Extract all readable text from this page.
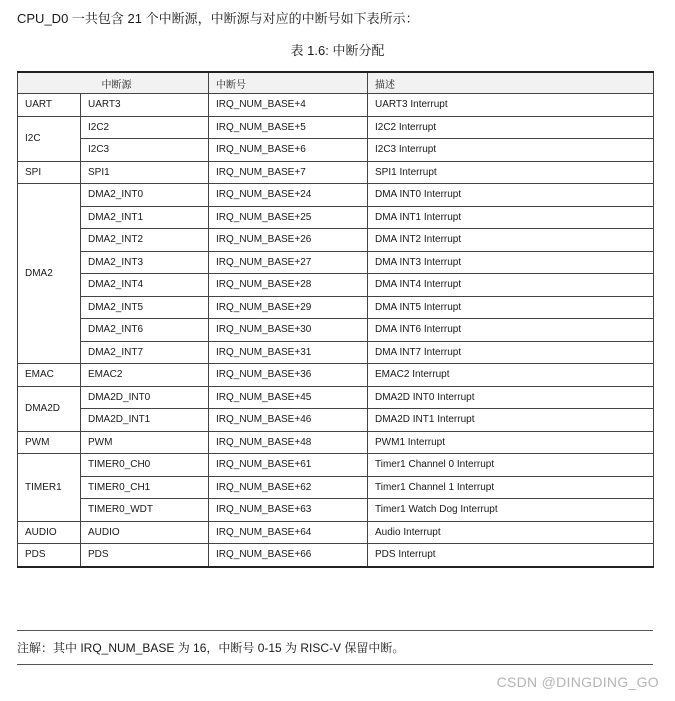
CPU_D0 一共包含 21 个中断源，中断源与对应的中断号如下表所示：
表 1.6: 中断分配
中断源		中断号	描述
UART	UART3	IRQ_NUM_BASE+4	UART3 Interrupt
I2C	I2C2	IRQ_NUM_BASE+5	I2C2 Interrupt
	I2C3	IRQ_NUM_BASE+6	I2C3 Interrupt
SPI	SPI1	IRQ_NUM_BASE+7	SPI1 Interrupt
DMA2	DMA2_INT0	IRQ_NUM_BASE+24	DMA INT0 Interrupt
	DMA2_INT1	IRQ_NUM_BASE+25	DMA INT1 Interrupt
	DMA2_INT2	IRQ_NUM_BASE+26	DMA INT2 Interrupt
	DMA2_INT3	IRQ_NUM_BASE+27	DMA INT3 Interrupt
	DMA2_INT4	IRQ_NUM_BASE+28	DMA INT4 Interrupt
	DMA2_INT5	IRQ_NUM_BASE+29	DMA INT5 Interrupt
	DMA2_INT6	IRQ_NUM_BASE+30	DMA INT6 Interrupt
	DMA2_INT7	IRQ_NUM_BASE+31	DMA INT7 Interrupt
EMAC	EMAC2	IRQ_NUM_BASE+36	EMAC2 Interrupt
DMA2D	DMA2D_INT0	IRQ_NUM_BASE+45	DMA2D INT0 Interrupt
	DMA2D_INT1	IRQ_NUM_BASE+46	DMA2D INT1 Interrupt
PWM	PWM	IRQ_NUM_BASE+48	PWM1 Interrupt
TIMER1	TIMER0_CH0	IRQ_NUM_BASE+61	Timer1 Channel 0 Interrupt
	TIMER0_CH1	IRQ_NUM_BASE+62	Timer1 Channel 1 Interrupt
	TIMER0_WDT	IRQ_NUM_BASE+63	Timer1 Watch Dog Interrupt
AUDIO	AUDIO	IRQ_NUM_BASE+64	Audio Interrupt
PDS	PDS	IRQ_NUM_BASE+66	PDS Interrupt
注解：其中 IRQ_NUM_BASE 为 16，中断号 0-15 为 RISC-V 保留中断。
CSDN @DINGDING_GO
